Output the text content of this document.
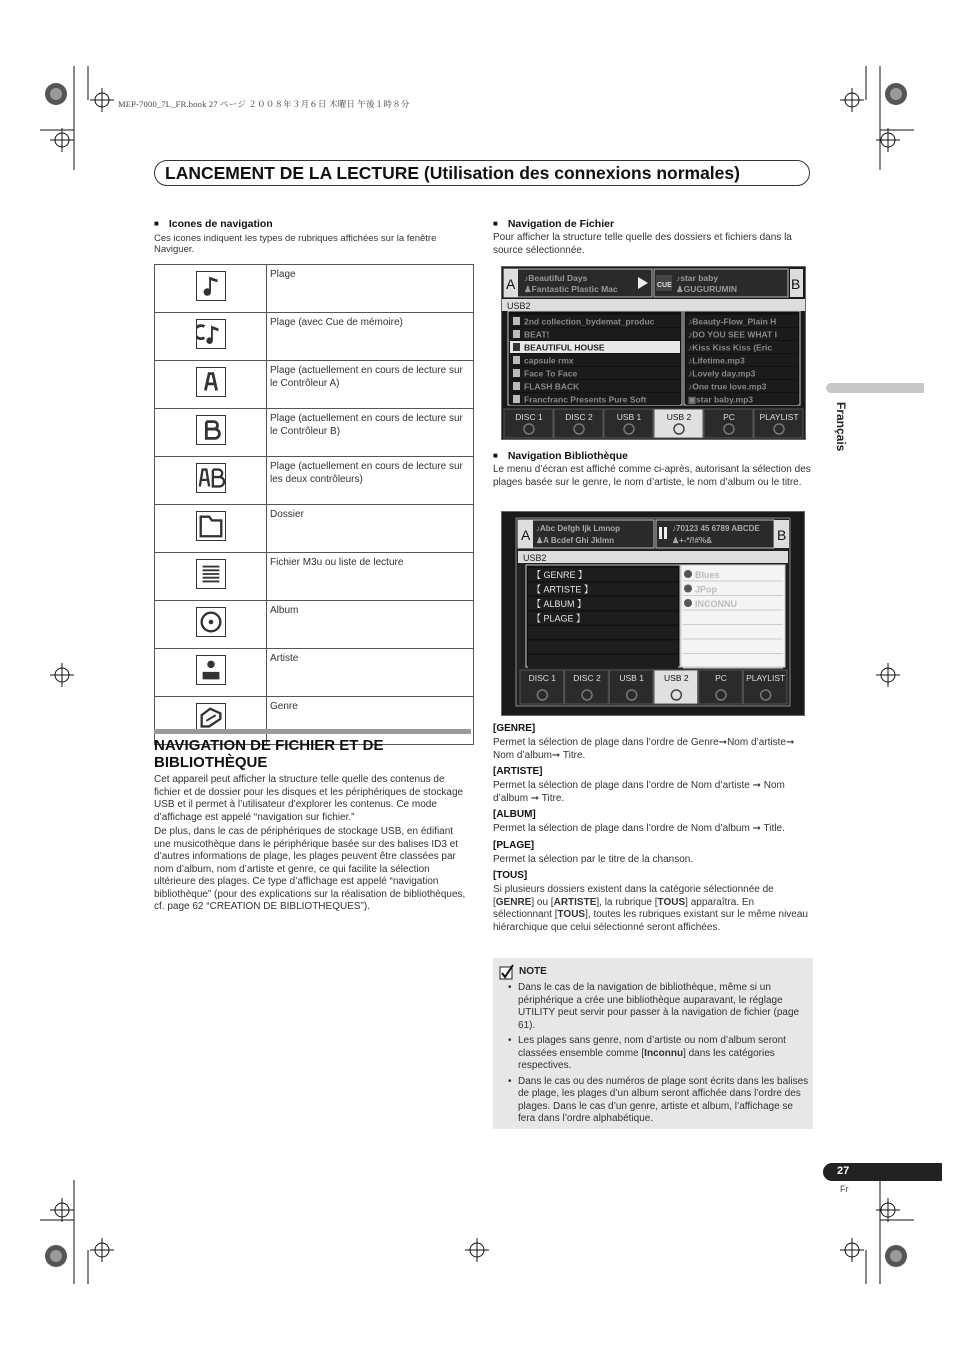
MEP-7000_7L_FR.book 27 ページ ２００８年３月６日 木曜日 午後１時８分
LANCEMENT DE LA LECTURE (Utilisation des connexions normales)
Français
■ Icones de navigation
Ces icones indiquent les types de rubriques affichées sur la fenêtre Naviguer.
	Plage

	Plage (avec Cue de mémoire)

	Plage (actuellement en cours de lecture sur le Contrôleur A)

	Plage (actuellement en cours de lecture sur le Contrôleur B)

	Plage (actuellement en cours de lecture sur les deux contrôleurs)

	Dossier

	Fichier M3u ou liste de lecture

	Album

	Artiste

	Genre
NAVIGATION DE FICHIER ET DE BIBLIOTHÈQUE
Cet appareil peut afficher la structure telle quelle des contenus de fichier et de dossier pour les disques et les périphériques de stockage USB et il permet à l’utilisateur d’explorer les contenus. Ce mode d’affichage est appelé “navigation sur fichier.”
De plus, dans le cas de périphériques de stockage USB, en édifiant une musicothèque dans le périphérique basée sur des balises ID3 et d’autres informations de plage, les plages peuvent être classées par nom d’album, nom d’artiste et genre, ce qui facilite la sélection ultérieure des plages. Ce type d’affichage est appelé “navigation bibliothèque” (pour des explications sur la réalisation de bibliothèques, cf. page 62 “CREATION DE BIBLIOTHEQUES”).
■ Navigation de Fichier
Pour afficher la structure telle quelle des dossiers et fichiers dans la source sélectionnée.
A ♪Beautiful Days
♟Fantastic Plastic Mac	B
CUE
♪star baby
♟GUGURUMIN
USB2
2nd collection_bydemat_produc
BEAT!
BEAUTIFUL HOUSE
capsule rmx
Face To Face
FLASH BACK
Francfranc Presents Pure Soft
♪Beauty-Flow_Plain H
♪DO YOU SEE WHAT I
♪Kiss Kiss Kiss (Eric
♪Lifetime.mp3
♪Lovely day.mp3
♪One true love.mp3
▣star baby.mp3
DISC 1	DISC 2	USB 1	USB 2	PC	PLAYLIST
■ Navigation Bibliothèque
Le menu d’écran est affiché comme ci-après, autorisant la sélection des plages basée sur le genre, le nom d’artiste, le nom d’album ou le titre.
A ♪Abc Defgh Ijk Lmnop
♟A Bcdef Ghi Jklmn	B
♪70123 45 6789 ABCDE
♟+-*/!#%&
USB2
【 GENRE 】
【 ARTISTE 】
【 ALBUM 】
【 PLAGE 】
Blues
JPop
INCONNU
DISC 1 DISC 2 USB 1 USB 2	PC PLAYLIST
[GENRE]
Permet la sélection de plage dans l’ordre de Genre➞Nom d’artiste➞ Nom d’album➞ Titre.
[ARTISTE]
Permet la sélection de plage dans l’ordre de Nom d’artiste ➞ Nom d’album ➞ Titre.
[ALBUM]
Permet la sélection de plage dans l’ordre de Nom d’album ➞ Title.
[PLAGE]
Permet la sélection par le titre de la chanson.
[TOUS]
Si plusieurs dossiers existent dans la catégorie sélectionnée de [GENRE] ou [ARTISTE], la rubrique [TOUS] apparaîtra. En sélectionnant [TOUS], toutes les rubriques existant sur le même niveau hiérarchique que celui sélectionné seront affichées.
NOTE
• Dans le cas de la navigation de bibliothèque, même si un périphérique a crée une bibliothèque auparavant, le réglage UTILITY peut servir pour passer à la navigation de fichier (page 61).
• Les plages sans genre, nom d’artiste ou nom d’album seront classées ensemble comme [Inconnu] dans les catégories respectives.
• Dans le cas ou des numéros de plage sont écrits dans les balises de plage, les plages d’un album seront affichée dans l’ordre des plages. Dans le cas d’un genre, artiste et album, l’affichage se fera dans l’ordre alphabétique.
27
Fr
